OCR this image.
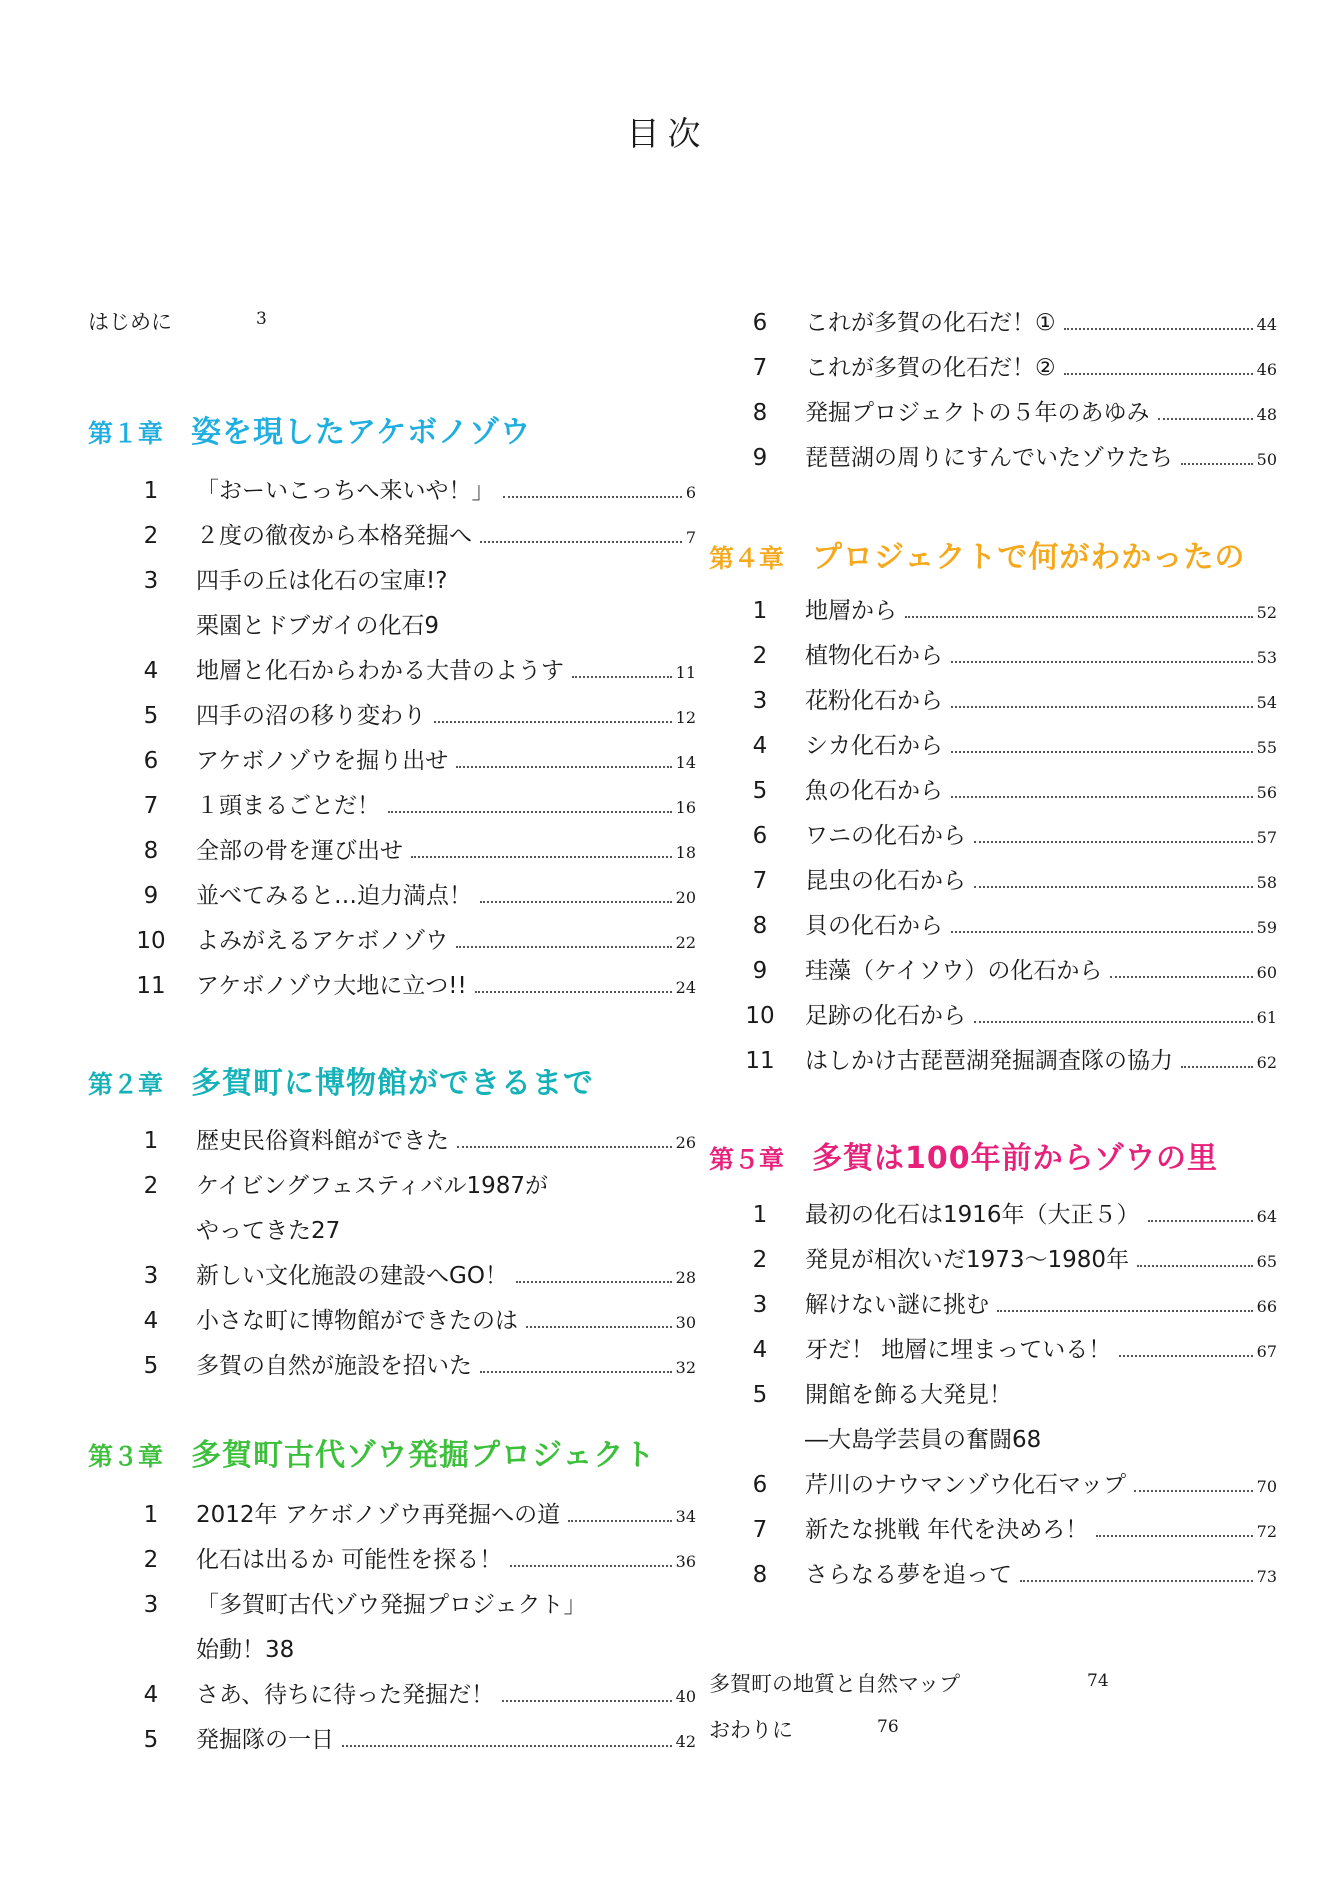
目次
はじめに	3
第１章 姿を現したアケボノゾウ
1	「おーいこっちへ来いや！」	6
2	２度の徹夜から本格発掘へ	7
3	四手の丘は化石の宝庫!?
栗園とドブガイの化石 9
4	地層と化石からわかる大昔のようす	11
5	四手の沼の移り変わり	12
6	アケボノゾウを掘り出せ	14
7	１頭まるごとだ！	16
8	全部の骨を運び出せ	18
9	並べてみると…迫力満点！	20
10	よみがえるアケボノゾウ	22
11	アケボノゾウ大地に立つ!!	24
第２章 多賀町に博物館ができるまで
1	歴史民俗資料館ができた	26
2	ケイビングフェスティバル1987が
やってきた 27
3	新しい文化施設の建設へGO！	28
4	小さな町に博物館ができたのは	30
5	多賀の自然が施設を招いた	32
第３章 多賀町古代ゾウ発掘プロジェクト
1	2012年 アケボノゾウ再発掘への道	34
2	化石は出るか 可能性を探る！	36
3	「多賀町古代ゾウ発掘プロジェクト」
始動！ 38
4	さあ、待ちに待った発掘だ！	40
5	発掘隊の一日	42
6	これが多賀の化石だ！①	44
7	これが多賀の化石だ！②	46
8	発掘プロジェクトの５年のあゆみ	48
9	琵琶湖の周りにすんでいたゾウたち	50
第４章 プロジェクトで何がわかったの
1	地層から	52
2	植物化石から	53
3	花粉化石から	54
4	シカ化石から	55
5	魚の化石から	56
6	ワニの化石から	57
7	昆虫の化石から	58
8	貝の化石から	59
9	珪藻（ケイソウ）の化石から	60
10	足跡の化石から	61
11	はしかけ古琵琶湖発掘調査隊の協力	62
第５章 多賀は100年前からゾウの里
1	最初の化石は1916年（大正５）	64
2	発見が相次いだ1973～1980年	65
3	解けない謎に挑む	66
4	牙だ！ 地層に埋まっている！	67
5	開館を飾る大発見！
―大島学芸員の奮闘 68
6	芹川のナウマンゾウ化石マップ	70
7	新たな挑戦 年代を決めろ！	72
8	さらなる夢を追って	73
多賀町の地質と自然マップ	74
おわりに	76
